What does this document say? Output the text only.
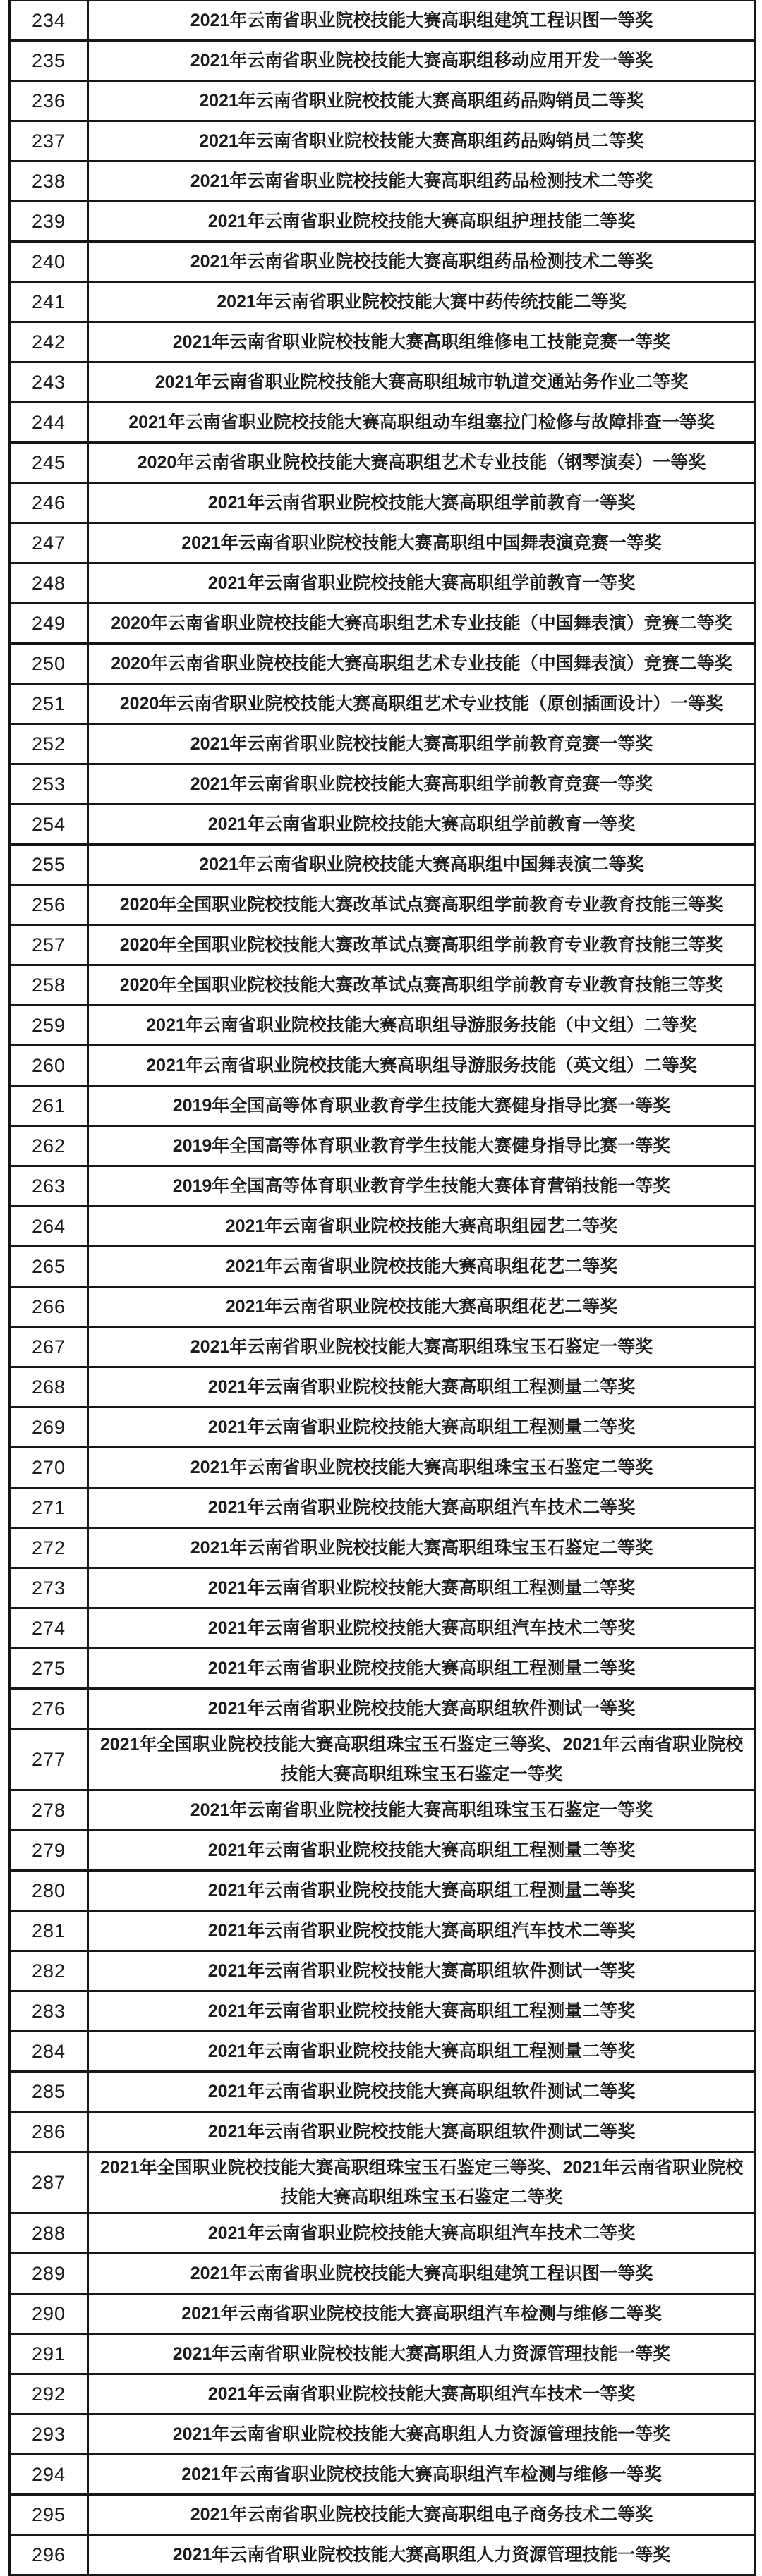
234	2021年云南省职业院校技能大赛高职组建筑工程识图一等奖
235	2021年云南省职业院校技能大赛高职组移动应用开发一等奖
236	2021年云南省职业院校技能大赛高职组药品购销员二等奖
237	2021年云南省职业院校技能大赛高职组药品购销员二等奖
238	2021年云南省职业院校技能大赛高职组药品检测技术二等奖
239	2021年云南省职业院校技能大赛高职组护理技能二等奖
240	2021年云南省职业院校技能大赛高职组药品检测技术二等奖
241	2021年云南省职业院校技能大赛中药传统技能二等奖
242	2021年云南省职业院校技能大赛高职组维修电工技能竞赛一等奖
243	2021年云南省职业院校技能大赛高职组城市轨道交通站务作业二等奖
244	2021年云南省职业院校技能大赛高职组动车组塞拉门检修与故障排查一等奖
245	2020年云南省职业院校技能大赛高职组艺术专业技能（钢琴演奏）一等奖
246	2021年云南省职业院校技能大赛高职组学前教育一等奖
247	2021年云南省职业院校技能大赛高职组中国舞表演竞赛一等奖
248	2021年云南省职业院校技能大赛高职组学前教育一等奖
249	2020年云南省职业院校技能大赛高职组艺术专业技能（中国舞表演）竞赛二等奖
250	2020年云南省职业院校技能大赛高职组艺术专业技能（中国舞表演）竞赛二等奖
251	2020年云南省职业院校技能大赛高职组艺术专业技能（原创插画设计）一等奖
252	2021年云南省职业院校技能大赛高职组学前教育竞赛一等奖
253	2021年云南省职业院校技能大赛高职组学前教育竞赛一等奖
254	2021年云南省职业院校技能大赛高职组学前教育一等奖
255	2021年云南省职业院校技能大赛高职组中国舞表演二等奖
256	2020年全国职业院校技能大赛改革试点赛高职组学前教育专业教育技能三等奖
257	2020年全国职业院校技能大赛改革试点赛高职组学前教育专业教育技能三等奖
258	2020年全国职业院校技能大赛改革试点赛高职组学前教育专业教育技能三等奖
259	2021年云南省职业院校技能大赛高职组导游服务技能（中文组）二等奖
260	2021年云南省职业院校技能大赛高职组导游服务技能（英文组）二等奖
261	2019年全国高等体育职业教育学生技能大赛健身指导比赛一等奖
262	2019年全国高等体育职业教育学生技能大赛健身指导比赛一等奖
263	2019年全国高等体育职业教育学生技能大赛体育营销技能一等奖
264	2021年云南省职业院校技能大赛高职组园艺二等奖
265	2021年云南省职业院校技能大赛高职组花艺二等奖
266	2021年云南省职业院校技能大赛高职组花艺二等奖
267	2021年云南省职业院校技能大赛高职组珠宝玉石鉴定一等奖
268	2021年云南省职业院校技能大赛高职组工程测量二等奖
269	2021年云南省职业院校技能大赛高职组工程测量二等奖
270	2021年云南省职业院校技能大赛高职组珠宝玉石鉴定二等奖
271	2021年云南省职业院校技能大赛高职组汽车技术二等奖
272	2021年云南省职业院校技能大赛高职组珠宝玉石鉴定二等奖
273	2021年云南省职业院校技能大赛高职组工程测量二等奖
274	2021年云南省职业院校技能大赛高职组汽车技术二等奖
275	2021年云南省职业院校技能大赛高职组工程测量二等奖
276	2021年云南省职业院校技能大赛高职组软件测试一等奖
277
2021年全国职业院校技能大赛高职组珠宝玉石鉴定三等奖、2021年云南省职业院校技能大赛高职组珠宝玉石鉴定一等奖
278	2021年云南省职业院校技能大赛高职组珠宝玉石鉴定一等奖
279	2021年云南省职业院校技能大赛高职组工程测量二等奖
280	2021年云南省职业院校技能大赛高职组工程测量二等奖
281	2021年云南省职业院校技能大赛高职组汽车技术二等奖
282	2021年云南省职业院校技能大赛高职组软件测试一等奖
283	2021年云南省职业院校技能大赛高职组工程测量二等奖
284	2021年云南省职业院校技能大赛高职组工程测量二等奖
285	2021年云南省职业院校技能大赛高职组软件测试二等奖
286	2021年云南省职业院校技能大赛高职组软件测试二等奖
287
2021年全国职业院校技能大赛高职组珠宝玉石鉴定三等奖、2021年云南省职业院校技能大赛高职组珠宝玉石鉴定二等奖
288	2021年云南省职业院校技能大赛高职组汽车技术二等奖
289	2021年云南省职业院校技能大赛高职组建筑工程识图一等奖
290	2021年云南省职业院校技能大赛高职组汽车检测与维修二等奖
291	2021年云南省职业院校技能大赛高职组人力资源管理技能一等奖
292	2021年云南省职业院校技能大赛高职组汽车技术一等奖
293	2021年云南省职业院校技能大赛高职组人力资源管理技能一等奖
294	2021年云南省职业院校技能大赛高职组汽车检测与维修一等奖
295	2021年云南省职业院校技能大赛高职组电子商务技术二等奖
296	2021年云南省职业院校技能大赛高职组人力资源管理技能一等奖
